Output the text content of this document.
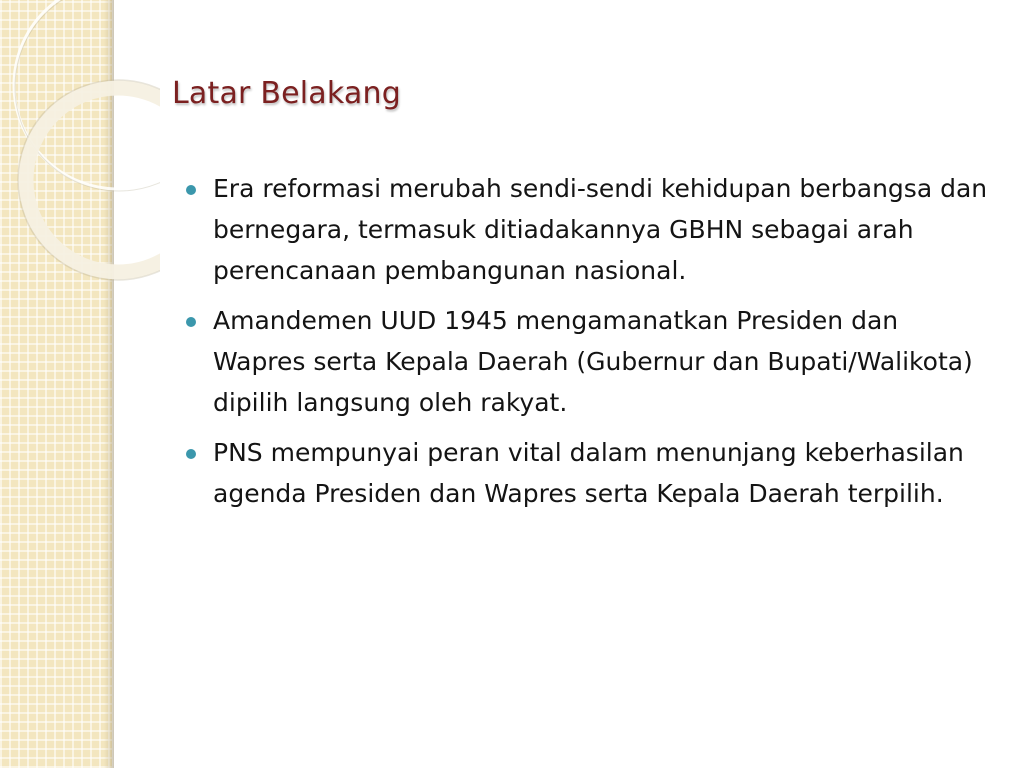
Latar Belakang
Era reformasi merubah sendi-sendi kehidupan berbangsa dan bernegara, termasuk ditiadakannya GBHN sebagai arah perencanaan pembangunan nasional.
Amandemen UUD 1945 mengamanatkan Presiden dan Wapres serta Kepala Daerah (Gubernur dan Bupati/Walikota) dipilih langsung oleh rakyat.
PNS mempunyai peran vital dalam menunjang keberhasilan agenda Presiden dan Wapres serta Kepala Daerah terpilih.
